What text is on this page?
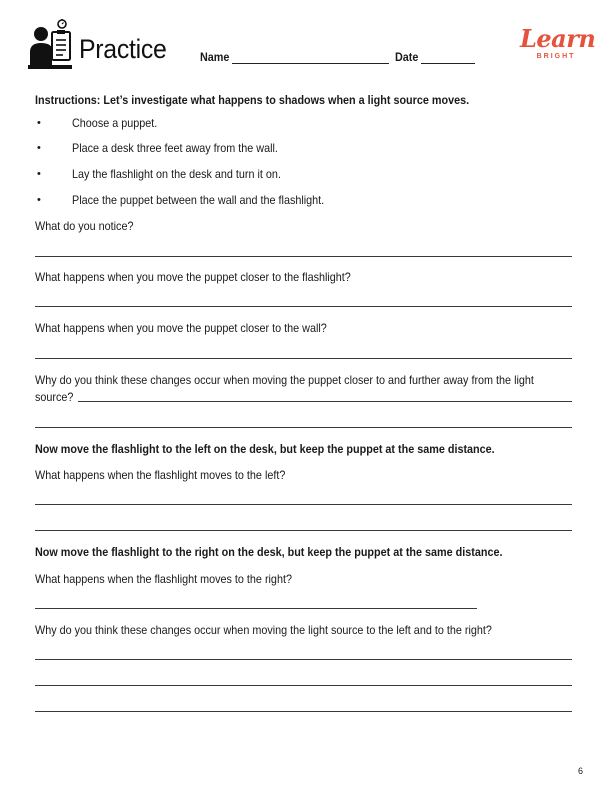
Practice	Name	Date
Learn
BRIGHT
Instructions: Let’s investigate what happens to shadows when a light source moves.
•	Choose a puppet.
•	Place a desk three feet away from the wall.
•	Lay the flashlight on the desk and turn it on.
•	Place the puppet between the wall and the flashlight.
What do you notice?
What happens when you move the puppet closer to the flashlight?
What happens when you move the puppet closer to the wall?
Why do you think these changes occur when moving the puppet closer to and further away from the light
source?
Now move the flashlight to the left on the desk, but keep the puppet at the same distance.
What happens when the flashlight moves to the left?
Now move the flashlight to the right on the desk, but keep the puppet at the same distance.
What happens when the flashlight moves to the right?
Why do you think these changes occur when moving the light source to the left and to the right?
6
